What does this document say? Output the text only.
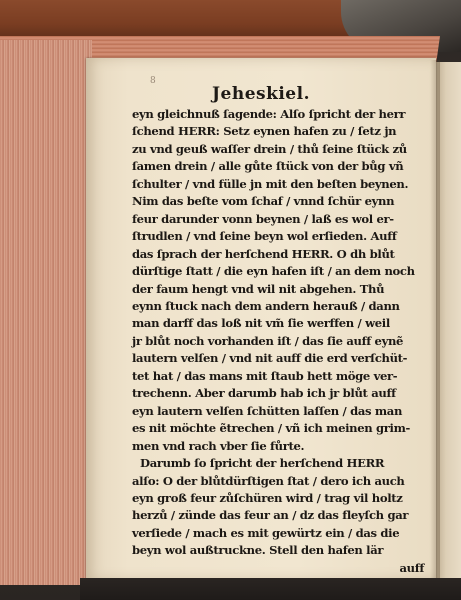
8
Jeheskiel.
eyn gleichnuß ſagende: Alſo ſpricht der herr
ſchend HERR: Setz eynen hafen zu / ſetz jn
zu vnd geuß waſſer drein / thů ſeine ſtück zů
ſamen drein / alle gůte ſtück von der bůg vñ
ſchulter / vnd fülle jn mit den beſten beynen.
Nim das beſte vom ſchaf / vnnd ſchür eynn
feur darunder vonn beynen / laß es wol er-
ſtrudlen / vnd ſeine beyn wol erſieden. Auff
das ſprach der herſchend HERR. O dh blůt
dürſtige ſtatt / die eyn hafen iſt / an dem noch
der faum hengt vnd wil nit abgehen. Thů
eynn ſtuck nach dem andern herauß / dann
man darff das loß nit vm̃ ſie werffen / weil
jr blůt noch vorhanden iſt / das ſie auff eynẽ
lautern velſen / vnd nit auff die erd verſchüt-
tet hat / das mans mit ſtaub hett möge ver-
trechenn. Aber darumb hab ich jr blůt auff
eyn lautern velſen ſchütten laſſen / das man
es nit möchte ẽtrechen / vñ ich meinen grim-
men vnd rach vber ſie fůrte.
Darumb ſo ſpricht der herſchend HERR
alſo: O der blůtdürſtigen ſtat / dero ich auch
eyn groß feur zůſchüren wird / trag vil holtz
herzů / zünde das feur an / dz das fleyſch gar
verſiede / mach es mit gewürtz ein / das die
beyn wol außtruckne. Stell den hafen lär
auff
